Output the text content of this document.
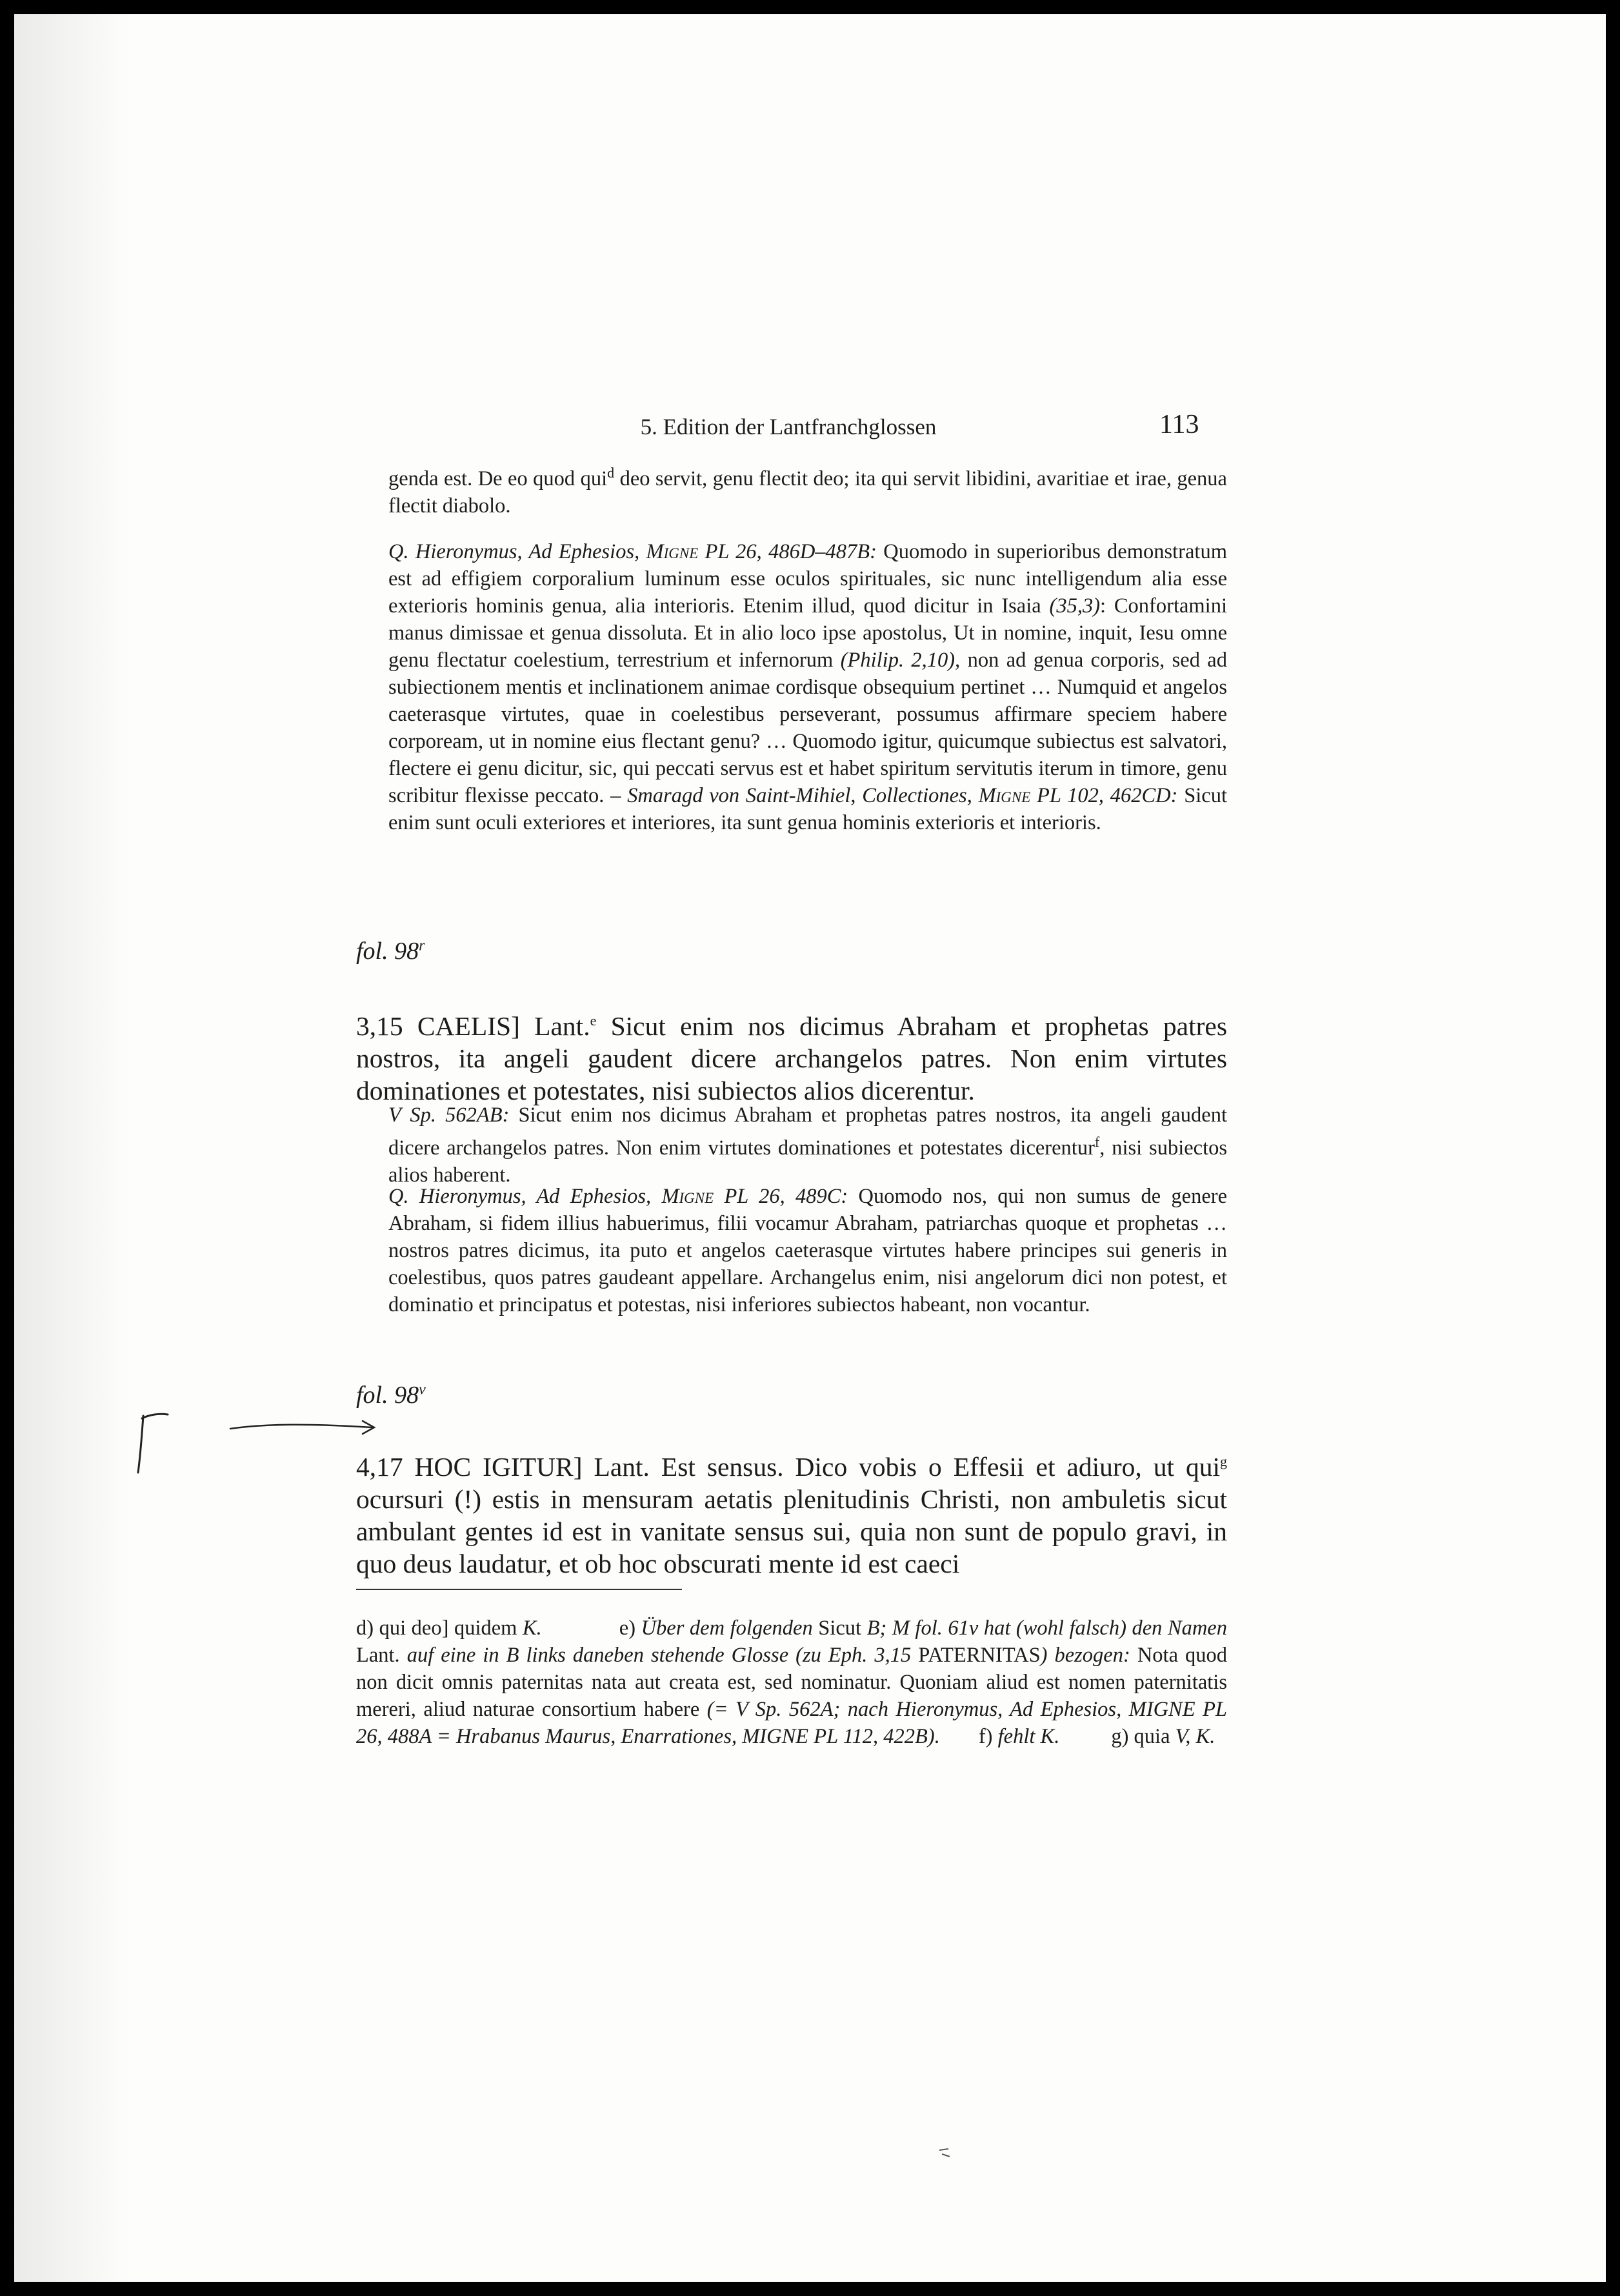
5. Edition der Lantfranchglossen	113

genda est. De eo quod qui$^d$ deo servit, genu flectit deo; ita qui servit libidini, avaritiae et irae, genua flectit diabolo.

Q. Hieronymus, Ad Ephesios, Migne PL 26, 486D–487B: Quomodo in superioribus demonstratum est ad effigiem corporalium luminum esse oculos spirituales, sic nunc intelligendum alia esse exterioris hominis genua, alia interioris. Etenim illud, quod dicitur in Isaia (35,3): Confortamini manus dimissae et genua dissoluta. Et in alio loco ipse apostolus, Ut in nomine, inquit, Iesu omne genu flectatur coelestium, terrestrium et infernorum (Philip. 2,10), non ad genua corporis, sed ad subiectionem mentis et inclinationem animae cordisque obsequium pertinet … Numquid et angelos caeterasque virtutes, quae in coelestibus perseverant, possumus affirmare speciem habere corpoream, ut in nomine eius flectant genu? … Quomodo igitur, quicumque subiectus est salvatori, flectere ei genu dicitur, sic, qui peccati servus est et habet spiritum servitutis iterum in timore, genu scribitur flexisse peccato. – Smaragd von Saint-Mihiel, Collectiones, Migne PL 102, 462CD: Sicut enim sunt oculi exteriores et interiores, ita sunt genua hominis exterioris et interioris.

fol. 98$^r$

3,15 CAELIS] Lant.$^e$ Sicut enim nos dicimus Abraham et prophetas patres nostros, ita angeli gaudent dicere archangelos patres. Non enim virtutes dominationes et potestates, nisi subiectos alios dicerentur.

V Sp. 562AB: Sicut enim nos dicimus Abraham et prophetas patres nostros, ita angeli gaudent dicere archangelos patres. Non enim virtutes dominationes et potestates dicerentur$^f$, nisi subiectos alios haberent.

Q. Hieronymus, Ad Ephesios, Migne PL 26, 489C: Quomodo nos, qui non sumus de genere Abraham, si fidem illius habuerimus, filii vocamur Abraham, patriarchas quoque et prophetas … nostros patres dicimus, ita puto et angelos caeterasque virtutes habere principes sui generis in coelestibus, quos patres gaudeant appellare. Archangelus enim, nisi angelorum dici non potest, et dominatio et principatus et potestas, nisi inferiores subiectos habeant, non vocantur.

fol. 98$^v$

4,17 HOC IGITUR] Lant. Est sensus. Dico vobis o Effesii et adiuro, ut qui$^g$ ocursuri (!) estis in mensuram aetatis plenitudinis Christi, non ambuletis sicut ambulant gentes id est in vanitate sensus sui, quia non sunt de populo gravi, in quo deus laudatur, et ob hoc obscurati mente id est caeci

d) qui deo] quidem K.	e) Über dem folgenden Sicut B; M fol. 61v hat (wohl falsch) den Namen Lant. auf eine in B links daneben stehende Glosse (zu Eph. 3,15 PATERNITAS) bezogen: Nota quod non dicit omnis paternitas nata aut creata est, sed nominatur. Quoniam aliud est nomen paternitatis mereri, aliud naturae consortium habere (= V Sp. 562A; nach Hieronymus, Ad Ephesios, MIGNE PL 26, 488A = Hrabanus Maurus, Enarrationes, MIGNE PL 112, 422B). f) fehlt K. g) quia V, K.
